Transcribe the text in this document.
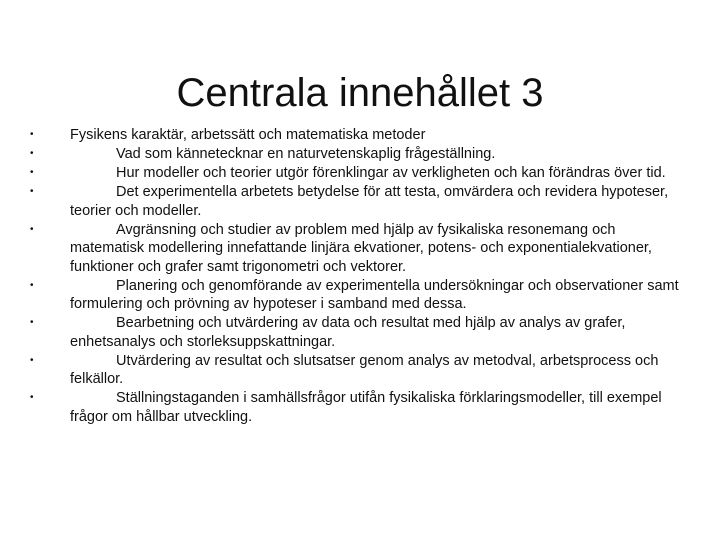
Centrala innehållet 3
•	Fysikens karaktär, arbetssätt och matematiska metoder
•	Vad som kännetecknar en naturvetenskaplig frågeställning.
•	Hur modeller och teorier utgör förenklingar av verkligheten och kan förändras över tid.
•	Det experimentella arbetets betydelse för att testa, omvärdera och revidera hypoteser, teorier och modeller.
•	Avgränsning och studier av problem med hjälp av fysikaliska resonemang och matematisk modellering innefattande linjära ekvationer, potens- och exponentialekvationer, funktioner och grafer samt trigonometri och vektorer.
•	Planering och genomförande av experimentella undersökningar och observationer samt formulering och prövning av hypoteser i samband med dessa.
•	Bearbetning och utvärdering av data och resultat med hjälp av analys av grafer, enhetsanalys och storleksuppskattningar.
•	Utvärdering av resultat och slutsatser genom analys av metodval, arbetsprocess och felkällor.
•	Ställningstaganden i samhällsfrågor utifån fysikaliska förklaringsmodeller, till exempel frågor om hållbar utveckling.
